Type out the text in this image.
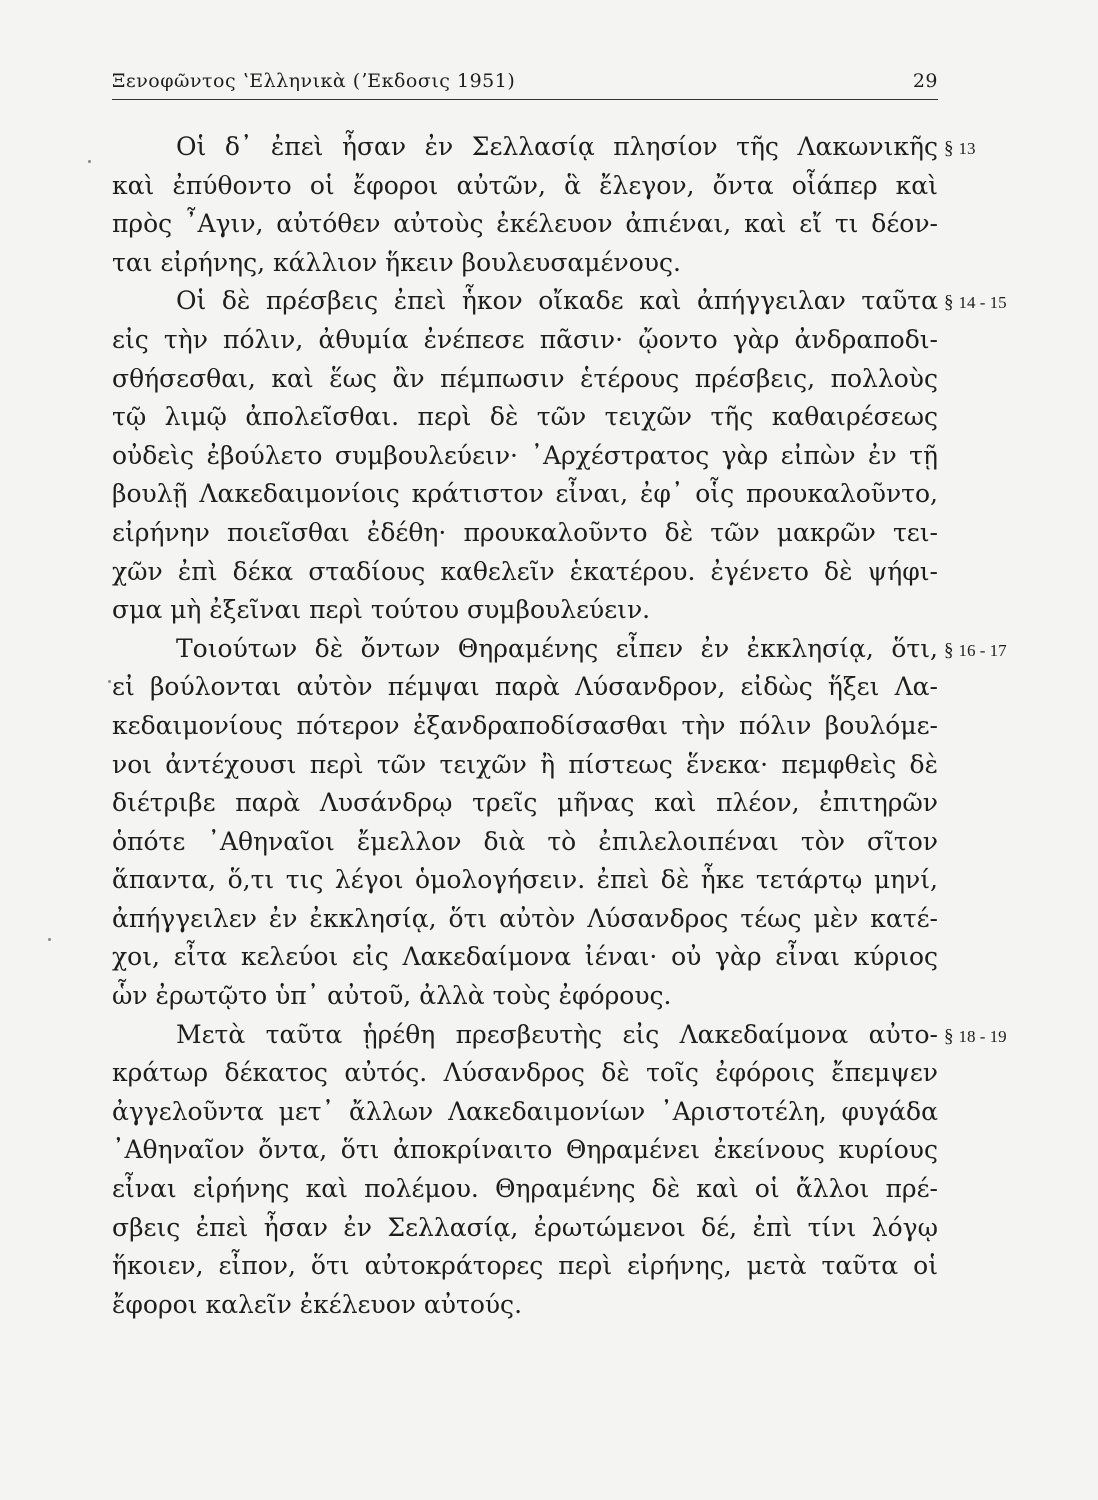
Ξενοφῶντος ʽΕλληνικὰ (ʼΕκδοσις 1951)	29
Οἱ δ᾽ ἐπεὶ ἦσαν ἐν Σελλασίᾳ πλησίον τῆς Λακωνικῆς
καὶ ἐπύθοντο οἱ ἔφοροι αὐτῶν, ἃ ἔλεγον, ὄντα οἷάπερ καὶ
πρὸς ῏Αγιν, αὐτόθεν αὐτοὺς ἐκέλευον ἀπιέναι, καὶ εἴ τι δέον-
ται εἰρήνης, κάλλιον ἥκειν βουλευσαμένους.
Οἱ δὲ πρέσβεις ἐπεὶ ἧκον οἴκαδε καὶ ἀπήγγειλαν ταῦτα
εἰς τὴν πόλιν, ἀθυμία ἐνέπεσε πᾶσιν· ᾤοντο γὰρ ἀνδραποδι-
σθήσεσθαι, καὶ ἕως ἂν πέμπωσιν ἑτέρους πρέσβεις, πολλοὺς
τῷ λιμῷ ἀπολεῖσθαι. περὶ δὲ τῶν τειχῶν τῆς καθαιρέσεως
οὐδεὶς ἐβούλετο συμβουλεύειν· ᾿Αρχέστρατος γὰρ εἰπὼν ἐν τῇ
βουλῇ Λακεδαιμονίοις κράτιστον εἶναι, ἐφ᾽ οἷς προυκαλοῦντο,
εἰρήνην ποιεῖσθαι ἐδέθη· προυκαλοῦντο δὲ τῶν μακρῶν τει-
χῶν ἐπὶ δέκα σταδίους καθελεῖν ἑκατέρου. ἐγένετο δὲ ψήφι-
σμα μὴ ἐξεῖναι περὶ τούτου συμβουλεύειν.
Τοιούτων δὲ ὄντων Θηραμένης εἶπεν ἐν ἐκκλησίᾳ, ὅτι,
εἰ βούλονται αὐτὸν πέμψαι παρὰ Λύσανδρον, εἰδὼς ἥξει Λα-
κεδαιμονίους πότερον ἐξανδραποδίσασθαι τὴν πόλιν βουλόμε-
νοι ἀντέχουσι περὶ τῶν τειχῶν ἢ πίστεως ἕνεκα· πεμφθεὶς δὲ
διέτριβε παρὰ Λυσάνδρῳ τρεῖς μῆνας καὶ πλέον, ἐπιτηρῶν
ὁπότε ᾿Αθηναῖοι ἔμελλον διὰ τὸ ἐπιλελοιπέναι τὸν σῖτον
ἅπαντα, ὅ,τι τις λέγοι ὁμολογήσειν. ἐπεὶ δὲ ἧκε τετάρτῳ μηνί,
ἀπήγγειλεν ἐν ἐκκλησίᾳ, ὅτι αὐτὸν Λύσανδρος τέως μὲν κατέ-
χοι, εἶτα κελεύοι εἰς Λακεδαίμονα ἰέναι· οὐ γὰρ εἶναι κύριος
ὧν ἐρωτῷτο ὑπ᾽ αὐτοῦ, ἀλλὰ τοὺς ἐφόρους.
Μετὰ ταῦτα ᾑρέθη πρεσβευτὴς εἰς Λακεδαίμονα αὐτο-
κράτωρ δέκατος αὐτός. Λύσανδρος δὲ τοῖς ἐφόροις ἔπεμψεν
ἀγγελοῦντα μετ᾽ ἄλλων Λακεδαιμονίων ᾿Αριστοτέλη, φυγάδα
᾿Αθηναῖον ὄντα, ὅτι ἀποκρίναιτο Θηραμένει ἐκείνους κυρίους
εἶναι εἰρήνης καὶ πολέμου. Θηραμένης δὲ καὶ οἱ ἄλλοι πρέ-
σβεις ἐπεὶ ἦσαν ἐν Σελλασίᾳ, ἐρωτώμενοι δέ, ἐπὶ τίνι λόγῳ
ἥκοιεν, εἶπον, ὅτι αὐτοκράτορες περὶ εἰρήνης, μετὰ ταῦτα οἱ
ἔφοροι καλεῖν ἐκέλευον αὐτούς.
§ 13
§ 14 - 15
§ 16 - 17
§ 18 - 19
